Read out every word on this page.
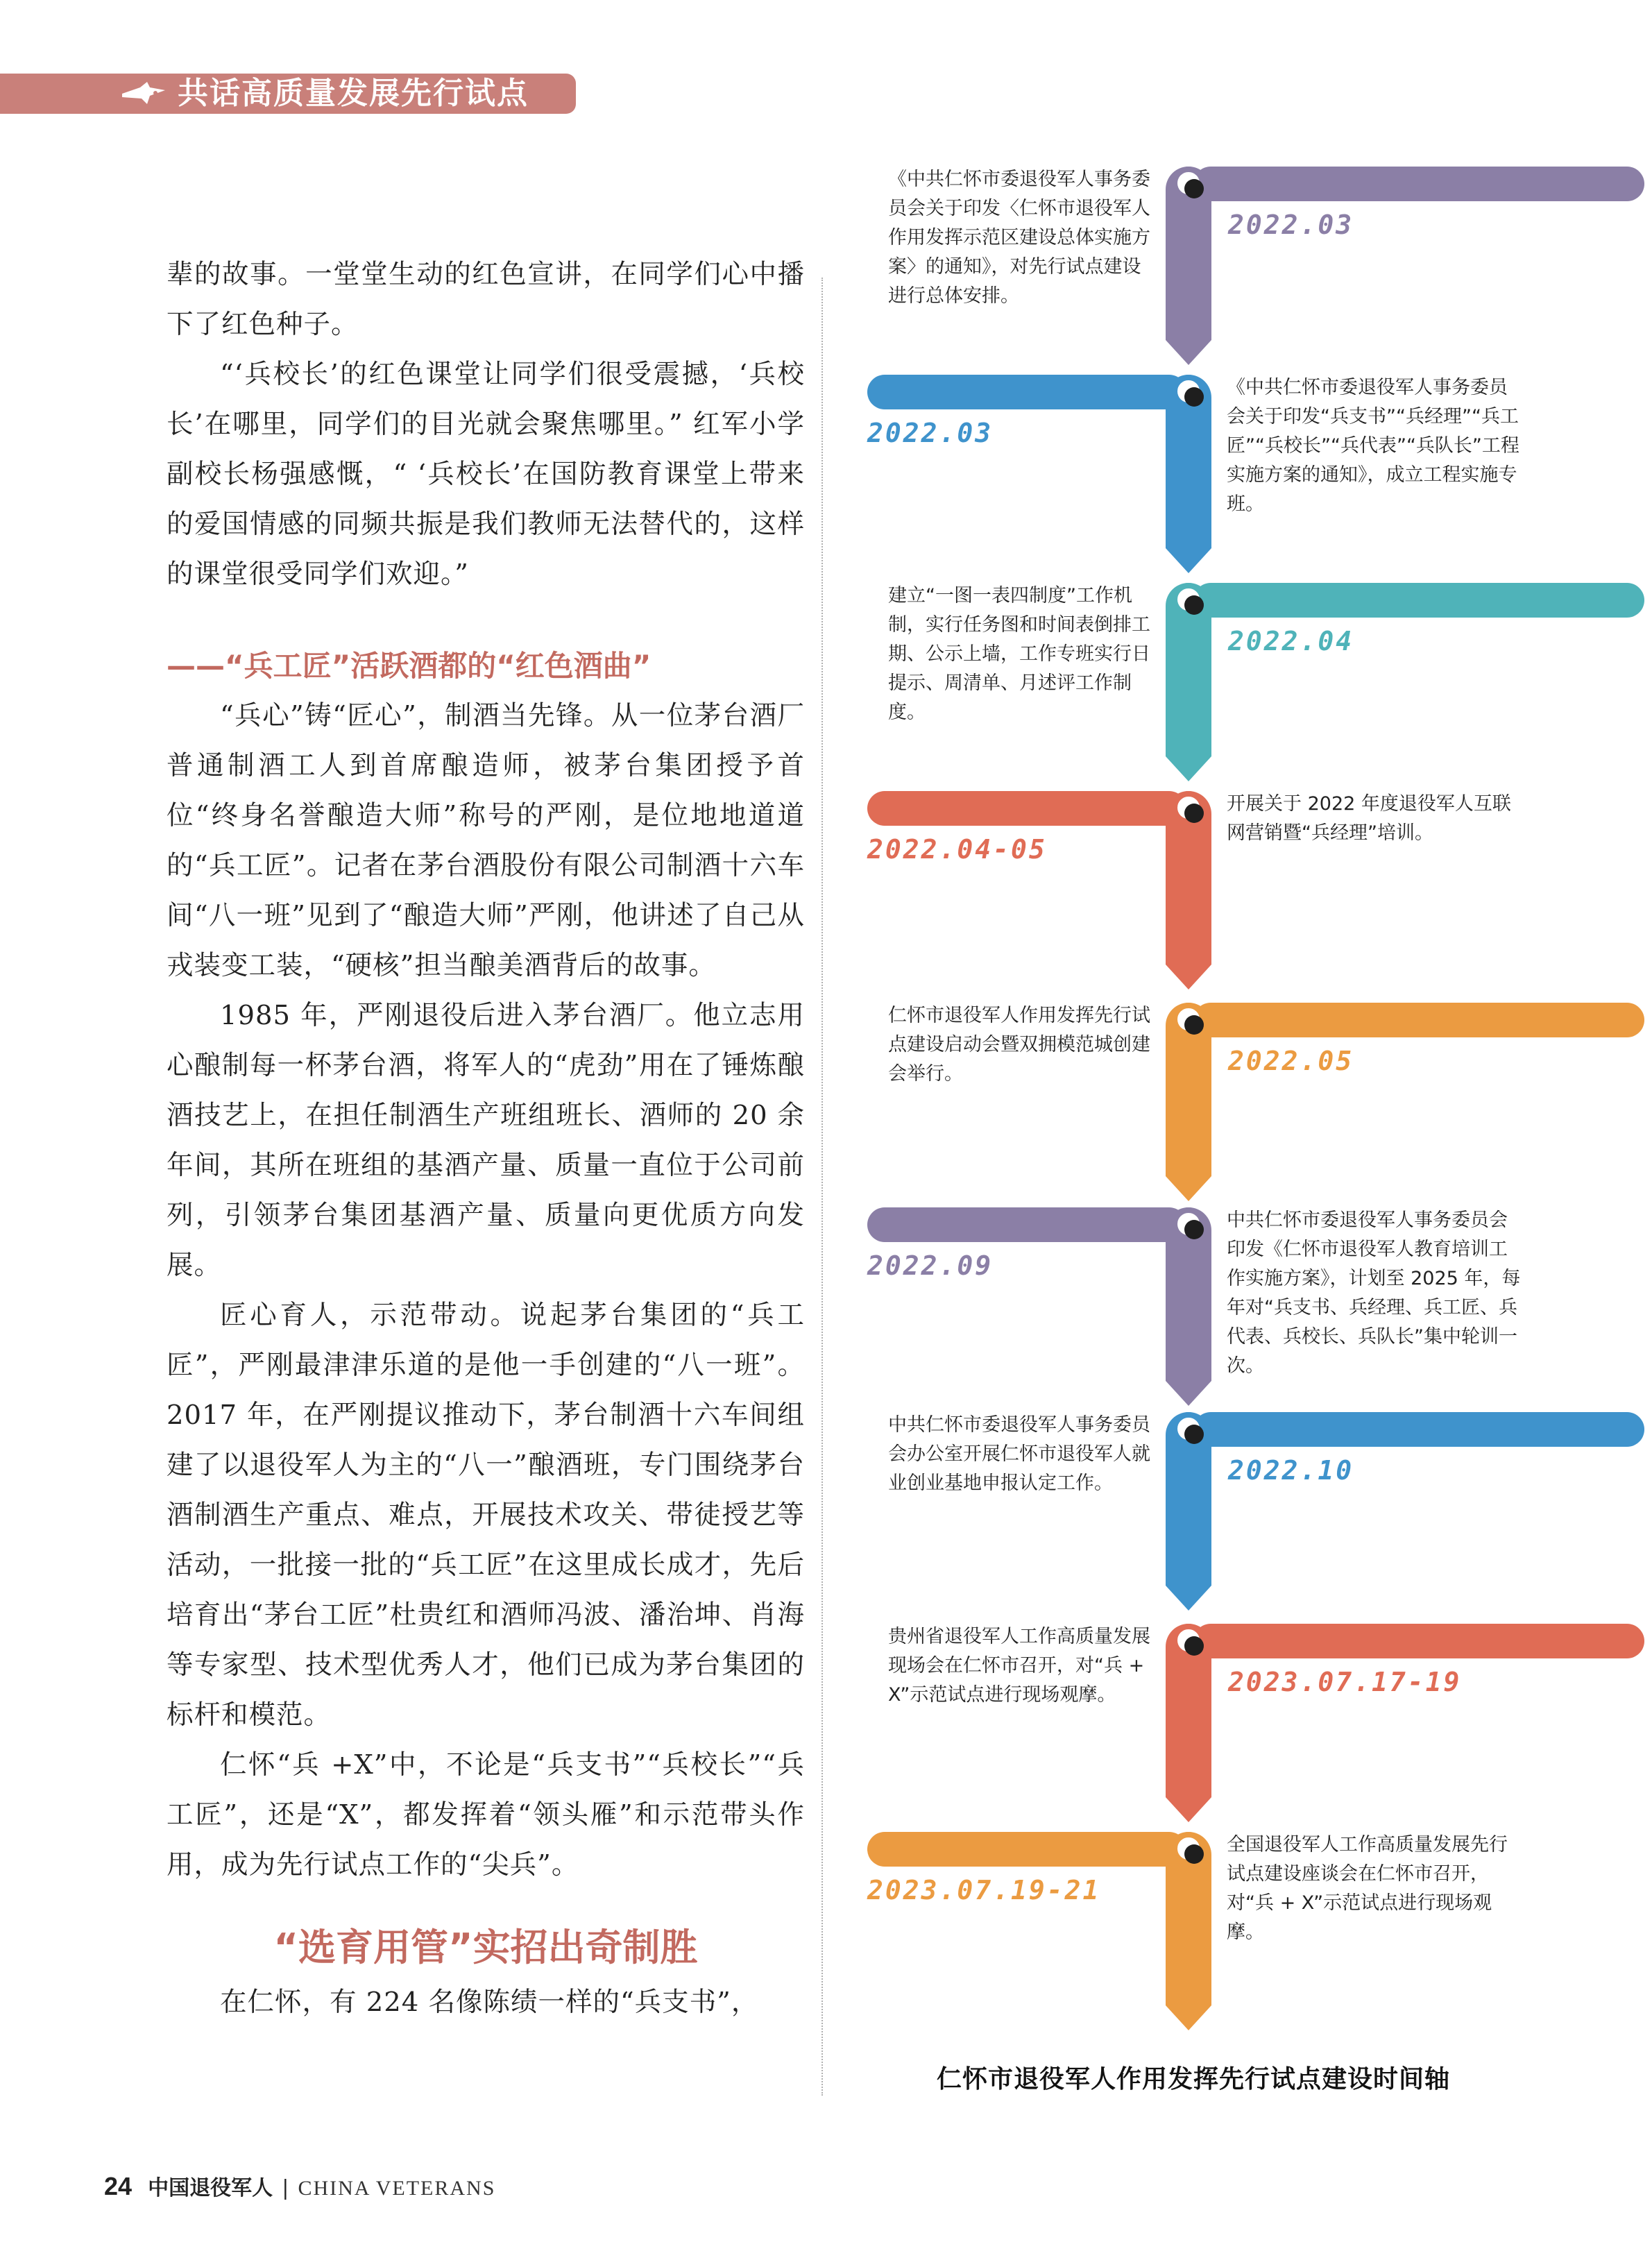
共话高质量发展先行试点

辈的故事。一堂堂生动的红色宣讲，在同学们心中播下了红色种子。

“‘兵校长’的红色课堂让同学们很受震撼，‘兵校长’在哪里，同学们的目光就会聚焦哪里。” 红军小学副校长杨强感慨，“ ‘兵校长’在国防教育课堂上带来的爱国情感的同频共振是我们教师无法替代的，这样的课堂很受同学们欢迎。”

——“兵工匠”活跃酒都的“红色酒曲”

“兵心”铸“匠心”，制酒当先锋。从一位茅台酒厂普通制酒工人到首席酿造师，被茅台集团授予首位“终身名誉酿造大师”称号的严刚，是位地地道道的“兵工匠”。记者在茅台酒股份有限公司制酒十六车间“八一班”见到了“酿造大师”严刚，他讲述了自己从戎装变工装，“硬核”担当酿美酒背后的故事。

1985 年，严刚退役后进入茅台酒厂。他立志用心酿制每一杯茅台酒，将军人的“虎劲”用在了锤炼酿酒技艺上，在担任制酒生产班组班长、酒师的 20 余年间，其所在班组的基酒产量、质量一直位于公司前列，引领茅台集团基酒产量、质量向更优质方向发展。

匠心育人，示范带动。说起茅台集团的“兵工匠”，严刚最津津乐道的是他一手创建的“八一班”。2017 年，在严刚提议推动下，茅台制酒十六车间组建了以退役军人为主的“八一”酿酒班，专门围绕茅台酒制酒生产重点、难点，开展技术攻关、带徒授艺等活动，一批接一批的“兵工匠”在这里成长成才，先后培育出“茅台工匠”杜贵红和酒师冯波、潘治坤、肖海等专家型、技术型优秀人才，他们已成为茅台集团的标杆和模范。

仁怀“兵 +X”中，不论是“兵支书”“兵校长”“兵工匠”，还是“X”，都发挥着“领头雁”和示范带头作用，成为先行试点工作的“尖兵”。

“选育用管”实招出奇制胜

在仁怀，有 224 名像陈绩一样的“兵支书”，

2022.03
《中共仁怀市委退役军人事务委员会关于印发〈仁怀市退役军人作用发挥示范区建设总体实施方案〉的通知》，对先行试点建设进行总体安排。
2022.03
《中共仁怀市委退役军人事务委员会关于印发“兵支书”“兵经理”“兵工匠”“兵校长”“兵代表”“兵队长”工程实施方案的通知》，成立工程实施专班。
2022.04
建立“一图一表四制度”工作机制，实行任务图和时间表倒排工期、公示上墙，工作专班实行日提示、周清单、月述评工作制度。
2022.04-05
开展关于 2022 年度退役军人互联网营销暨“兵经理”培训。
2022.05
仁怀市退役军人作用发挥先行试点建设启动会暨双拥模范城创建会举行。
2022.09
中共仁怀市委退役军人事务委员会印发《仁怀市退役军人教育培训工作实施方案》，计划至 2025 年，每年对“兵支书、兵经理、兵工匠、兵代表、兵校长、兵队长”集中轮训一次。
2022.10
中共仁怀市委退役军人事务委员会办公室开展仁怀市退役军人就业创业基地申报认定工作。
2023.07.17-19
贵州省退役军人工作高质量发展现场会在仁怀市召开，对“兵 + X”示范试点进行现场观摩。
2023.07.19-21
全国退役军人工作高质量发展先行试点建设座谈会在仁怀市召开，对“兵 + X”示范试点进行现场观摩。
仁怀市退役军人作用发挥先行试点建设时间轴
24 中国退役军人 | CHINA VETERANS
